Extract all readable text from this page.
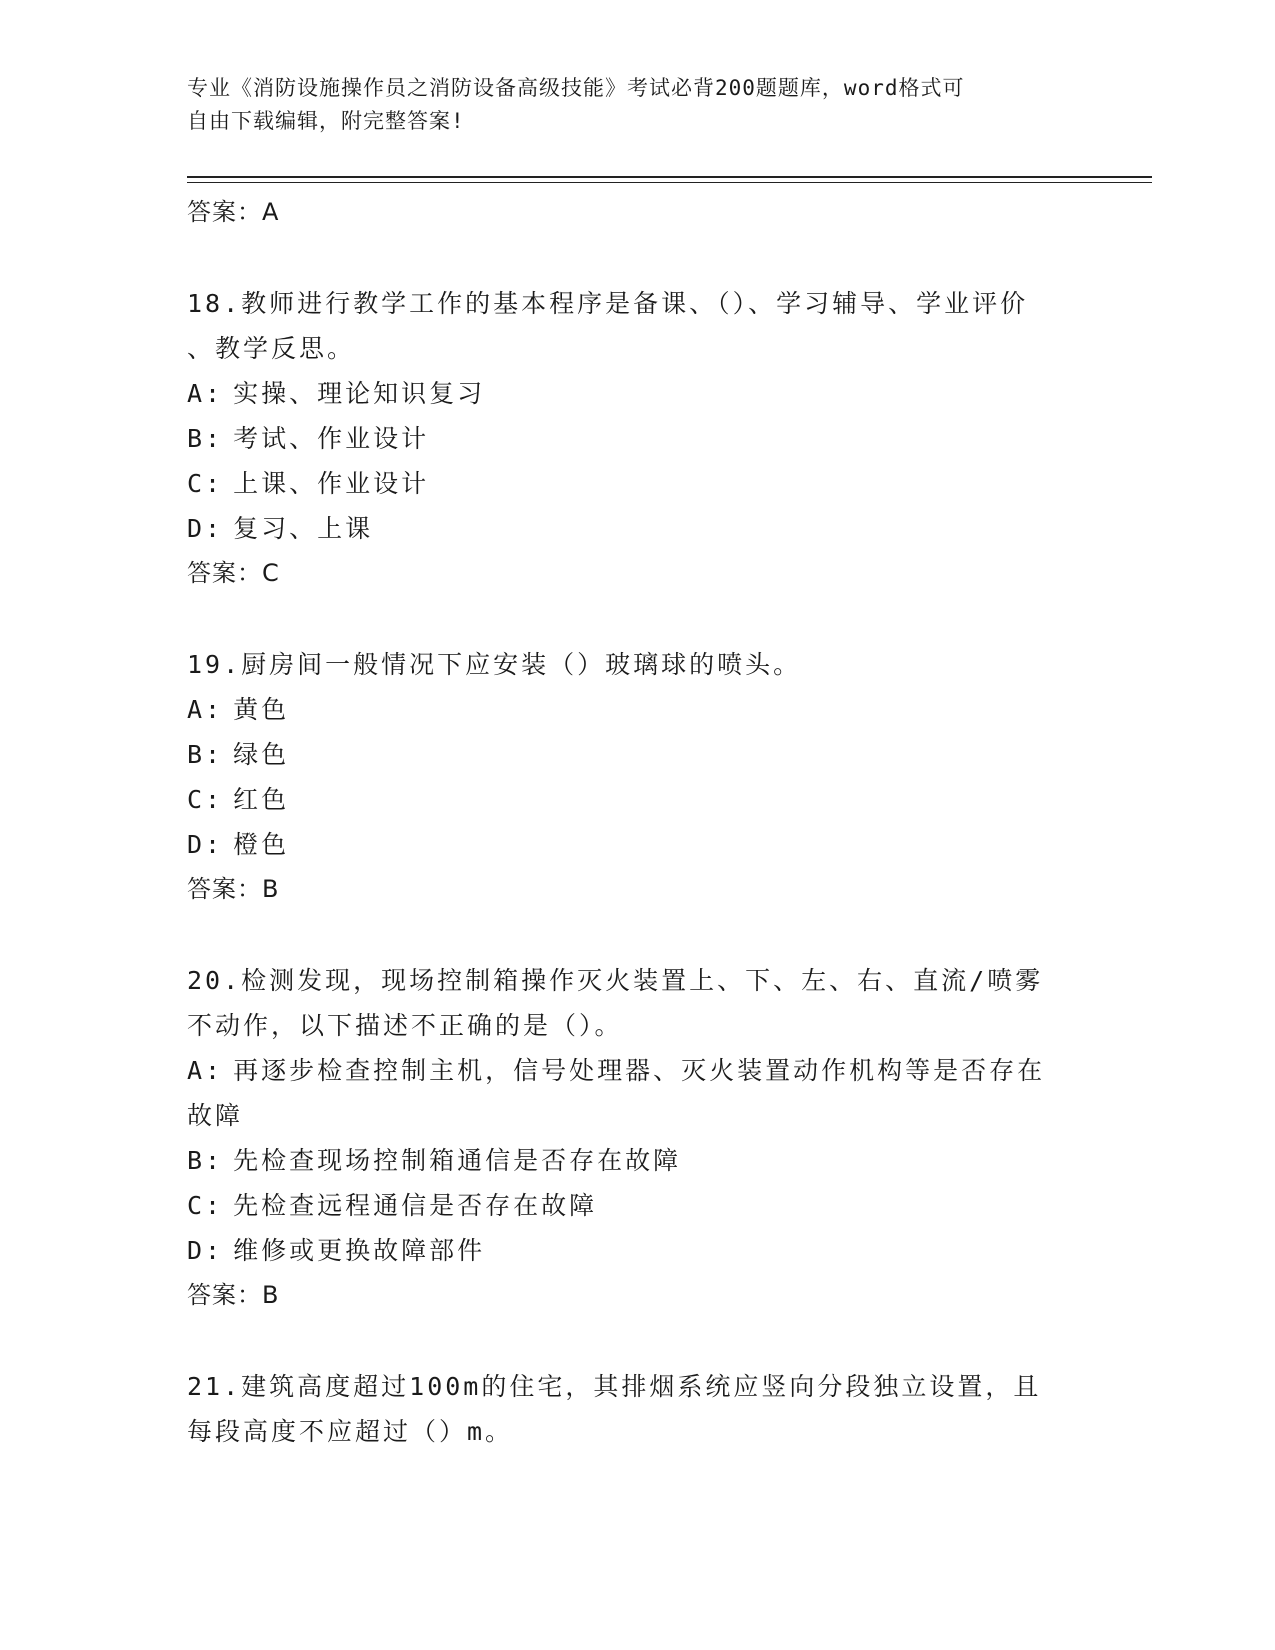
专业《消防设施操作员之消防设备高级技能》考试必背200题题库，word格式可
自由下载编辑，附完整答案!
答案：A
18.教师进行教学工作的基本程序是备课、（）、学习辅导、学业评价
、教学反思。
A: 实操、理论知识复习
B: 考试、作业设计
C: 上课、作业设计
D: 复习、上课
答案：C
19.厨房间一般情况下应安装（）玻璃球的喷头。
A: 黄色
B: 绿色
C: 红色
D: 橙色
答案：B
20.检测发现，现场控制箱操作灭火装置上、下、左、右、直流/喷雾
不动作，以下描述不正确的是（）。
A: 再逐步检查控制主机，信号处理器、灭火装置动作机构等是否存在
故障
B: 先检查现场控制箱通信是否存在故障
C: 先检查远程通信是否存在故障
D: 维修或更换故障部件
答案：B
21.建筑高度超过100m的住宅，其排烟系统应竖向分段独立设置，且
每段高度不应超过（）m。
